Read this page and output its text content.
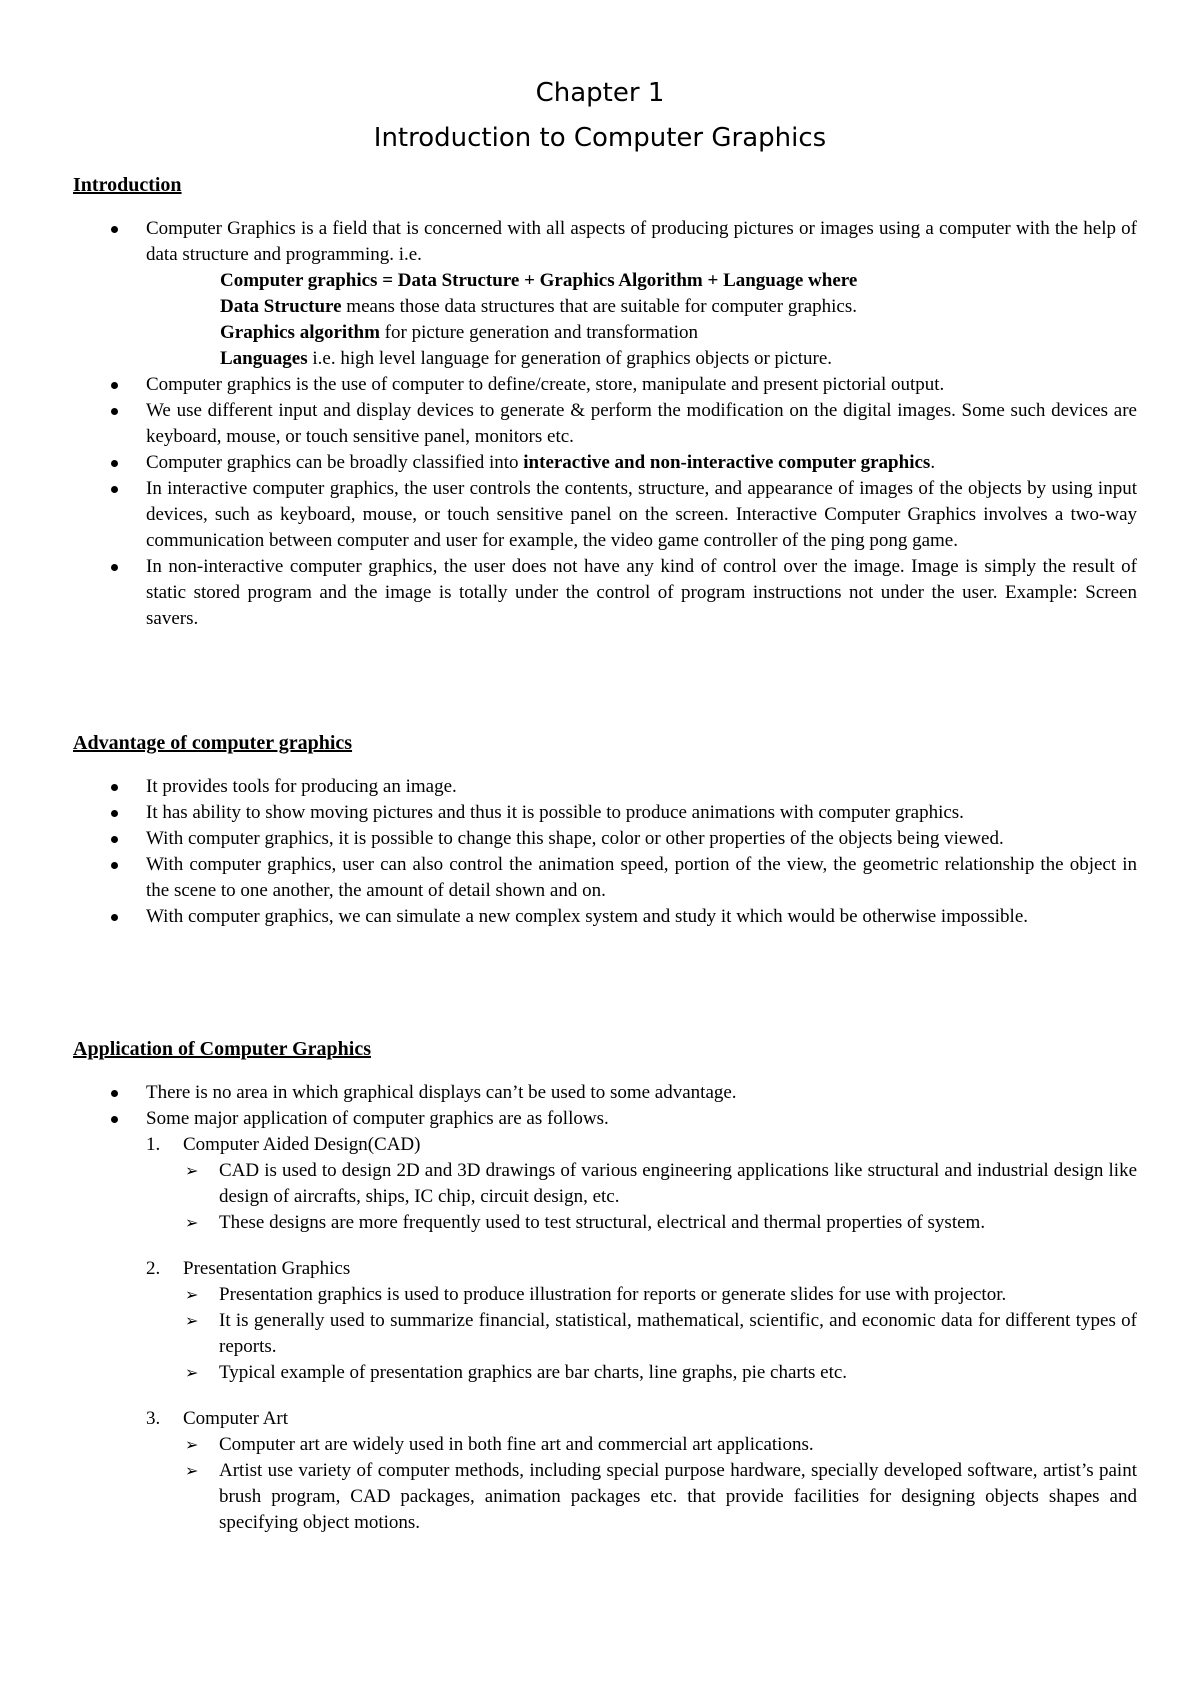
Chapter 1
Introduction to Computer Graphics
Introduction
Computer Graphics is a field that is concerned with all aspects of producing pictures or images using a computer with the help of data structure and programming. i.e.
Computer graphics = Data Structure + Graphics Algorithm + Language where
Data Structure means those data structures that are suitable for computer graphics.
Graphics algorithm for picture generation and transformation
Languages i.e. high level language for generation of graphics objects or picture.
Computer graphics is the use of computer to define/create, store, manipulate and present pictorial output.
We use different input and display devices to generate & perform the modification on the digital images. Some such devices are keyboard, mouse, or touch sensitive panel, monitors etc.
Computer graphics can be broadly classified into interactive and non-interactive computer graphics.
In interactive computer graphics, the user controls the contents, structure, and appearance of images of the objects by using input devices, such as keyboard, mouse, or touch sensitive panel on the screen. Interactive Computer Graphics involves a two-way communication between computer and user for example, the video game controller of the ping pong game.
In non-interactive computer graphics, the user does not have any kind of control over the image. Image is simply the result of static stored program and the image is totally under the control of program instructions not under the user. Example: Screen savers.
Advantage of computer graphics
It provides tools for producing an image.
It has ability to show moving pictures and thus it is possible to produce animations with computer graphics.
With computer graphics, it is possible to change this shape, color or other properties of the objects being viewed.
With computer graphics, user can also control the animation speed, portion of the view, the geometric relationship the object in the scene to one another, the amount of detail shown and on.
With computer graphics, we can simulate a new complex system and study it which would be otherwise impossible.
Application of Computer Graphics
There is no area in which graphical displays can’t be used to some advantage.
Some major application of computer graphics are as follows.
1. Computer Aided Design(CAD)
➢ CAD is used to design 2D and 3D drawings of various engineering applications like structural and industrial design like design of aircrafts, ships, IC chip, circuit design, etc.
➢ These designs are more frequently used to test structural, electrical and thermal properties of system.
2. Presentation Graphics
➢ Presentation graphics is used to produce illustration for reports or generate slides for use with projector.
➢ It is generally used to summarize financial, statistical, mathematical, scientific, and economic data for different types of reports.
➢ Typical example of presentation graphics are bar charts, line graphs, pie charts etc.
3. Computer Art
➢ Computer art are widely used in both fine art and commercial art applications.
➢ Artist use variety of computer methods, including special purpose hardware, specially developed software, artist’s paint brush program, CAD packages, animation packages etc. that provide facilities for designing objects shapes and specifying object motions.
